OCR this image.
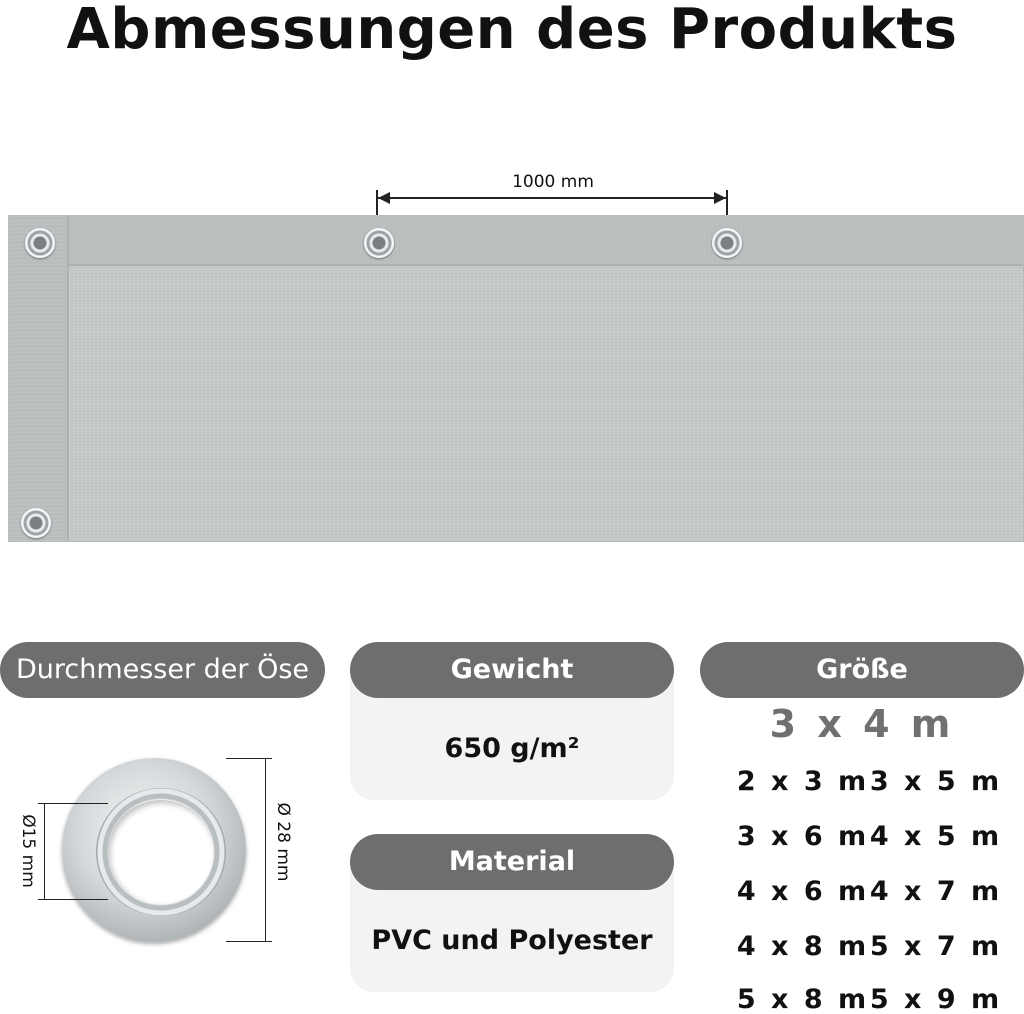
Abmessungen des Produkts
1000 mm
Durchmesser der Öse
Ø15 mm	Ø 28 mm
Gewicht
650 g/m²
Material
PVC und Polyester
Größe
3 x 4 m
2 x 3 m 3 x 5 m
3 x 6 m 4 x 5 m
4 x 6 m 4 x 7 m
4 x 8 m 5 x 7 m
5 x 8 m 5 x 9 m
